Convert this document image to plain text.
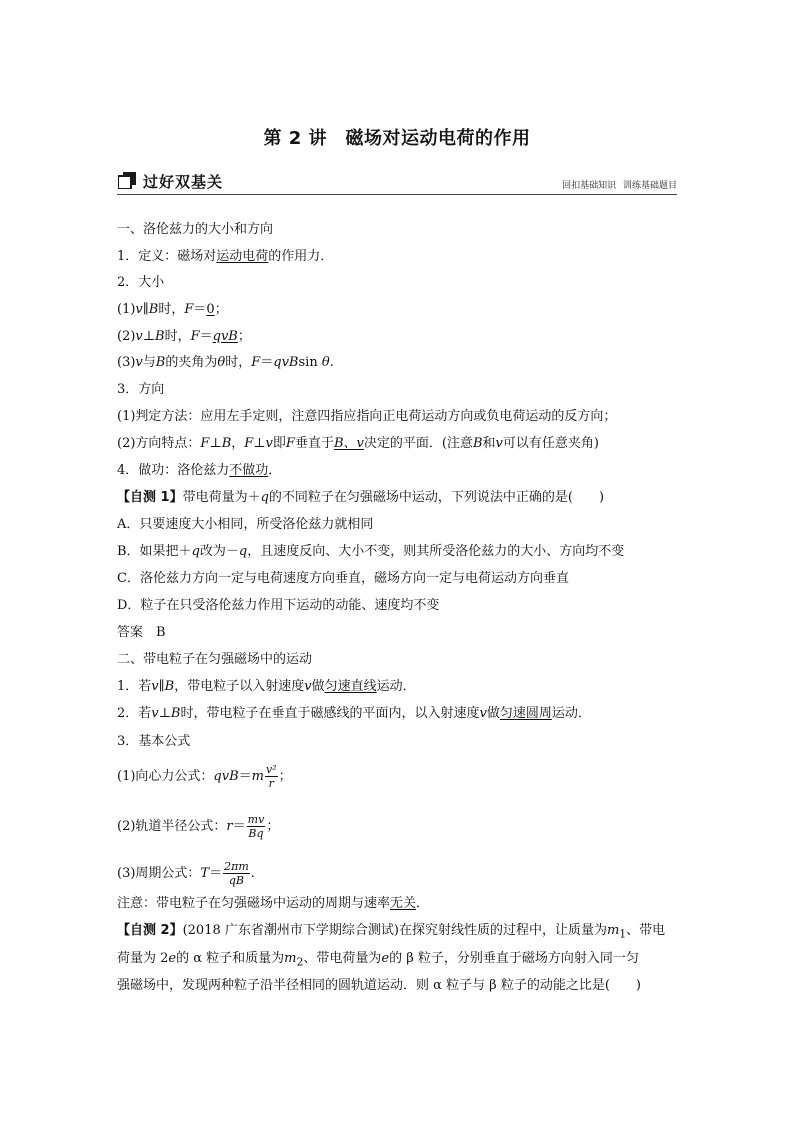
第 2 讲　磁场对运动电荷的作用
过好双基关	回扣基础知识 训练基础题目
一、洛伦兹力的大小和方向
1．定义：磁场对运动电荷的作用力．
2．大小
(1)v∥B时，F＝0；
(2)v⊥B时，F＝qvB；
(3)v与B的夹角为θ时，F＝qvBsin θ.
3．方向
(1)判定方法：应用左手定则，注意四指应指向正电荷运动方向或负电荷运动的反方向；
(2)方向特点：F⊥B，F⊥v即F垂直于B、v决定的平面．(注意B和v可以有任意夹角)
4．做功：洛伦兹力不做功．
【自测 1】带电荷量为＋q的不同粒子在匀强磁场中运动，下列说法中正确的是(　　)
A．只要速度大小相同，所受洛伦兹力就相同
B．如果把＋q改为－q，且速度反向、大小不变，则其所受洛伦兹力的大小、方向均不变
C．洛伦兹力方向一定与电荷速度方向垂直，磁场方向一定与电荷运动方向垂直
D．粒子在只受洛伦兹力作用下运动的动能、速度均不变
答案　B
二、带电粒子在匀强磁场中的运动
1．若v∥B，带电粒子以入射速度v做匀速直线运动．
2．若v⊥B时，带电粒子在垂直于磁感线的平面内，以入射速度v做匀速圆周运动．
3．基本公式
(1)向心力公式：$qvB=m \frac{\text{v²}}{r}$ ；
(2)轨道半径公式：$r= \frac{mv}{Bq}$ ；
(3)周期公式：$T= \frac{2\pi m}{qB}$ .
注意：带电粒子在匀强磁场中运动的周期与速率无关．
【自测 2】(2018 广东省潮州市下学期综合测试)在探究射线性质的过程中，让质量为$m_1$、带电
荷量为 2e的 α 粒子和质量为$m_2$、带电荷量为e的 β 粒子，分别垂直于磁场方向射入同一匀
强磁场中，发现两种粒子沿半径相同的圆轨道运动．则 α 粒子与 β 粒子的动能之比是(　　)
